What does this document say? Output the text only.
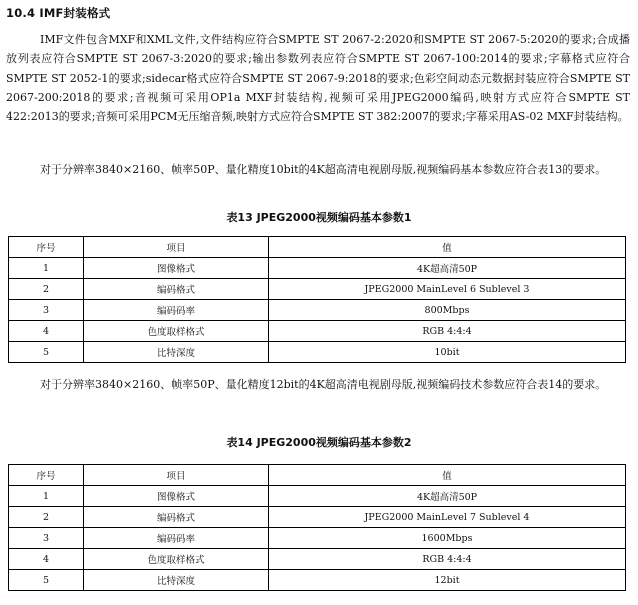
10.4 IMF封装格式

IMF文件包含MXF和XML文件,文件结构应符合SMPTE ST 2067-2:2020和SMPTE ST 2067-5:2020的要求;合成播放列表应符合SMPTE ST 2067-3:2020的要求;输出参数列表应符合SMPTE ST 2067-100:2014的要求;字幕格式应符合SMPTE ST 2052-1的要求;sidecar格式应符合SMPTE ST 2067-9:2018的要求;色彩空间动态元数据封装应符合SMPTE ST 2067-200:2018的要求;音视频可采用OP1a MXF封装结构,视频可采用JPEG2000编码,映射方式应符合SMPTE ST 422:2013的要求;音频可采用PCM无压缩音频,映射方式应符合SMPTE ST 382:2007的要求;字幕采用AS-02 MXF封装结构。

对于分辨率3840×2160、帧率50P、量化精度10bit的4K超高清电视剧母版,视频编码基本参数应符合表13的要求。

表13 JPEG2000视频编码基本参数1
序号	项目	值
1	图像格式	4K超高清50P
2	编码格式	JPEG2000 MainLevel 6 Sublevel 3
3	编码码率	800Mbps
4	色度取样格式	RGB 4:4:4
5	比特深度	10bit

对于分辨率3840×2160、帧率50P、量化精度12bit的4K超高清电视剧母版,视频编码技术参数应符合表14的要求。

表14 JPEG2000视频编码基本参数2
序号	项目	值
1	图像格式	4K超高清50P
2	编码格式	JPEG2000 MainLevel 7 Sublevel 4
3	编码码率	1600Mbps
4	色度取样格式	RGB 4:4:4
5	比特深度	12bit
